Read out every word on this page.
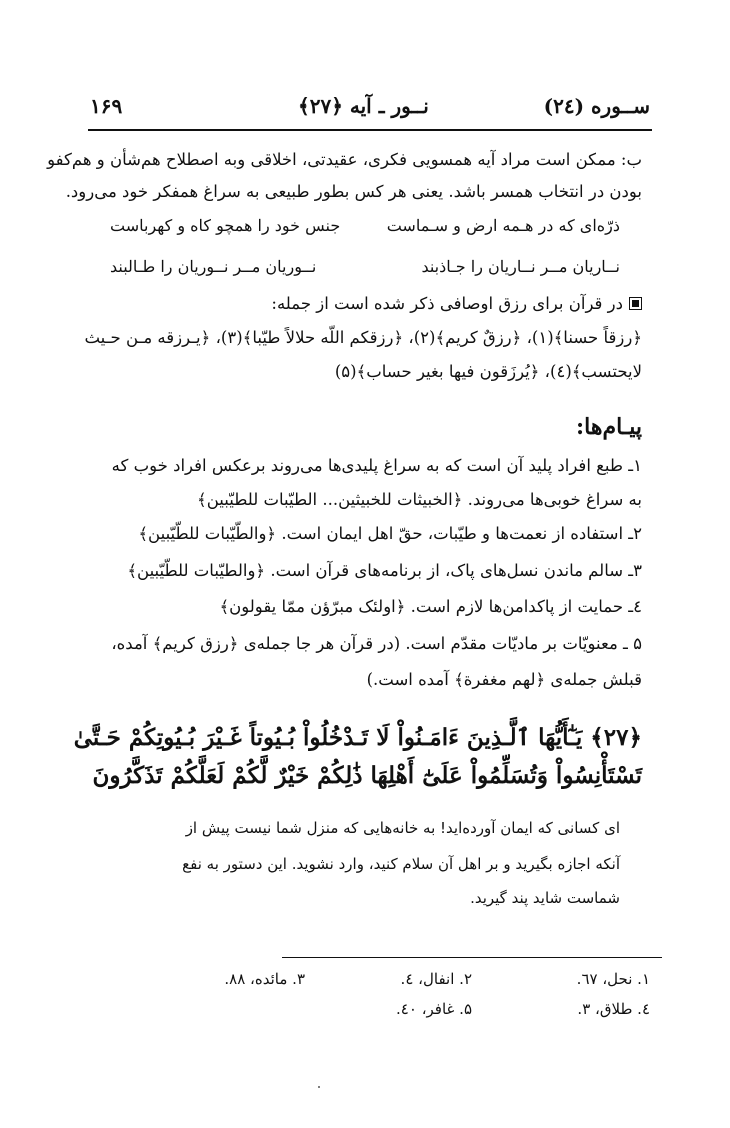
۱۶۹	نــور ـ آیه ﴿۲۷﴾	ســوره (۲٤)
ب: ممکن است مراد آیه همسویی فکری، عقیدتی، اخلاقی وبه اصطلاح هم‌شأن و هم‌کفو
بودن در انتخاب همسر باشد. یعنی هر کس بطور طبیعی به سراغ همفکر خود می‌رود.
ذرّه‌ای که در هـمه ارض و سـماست
جنس خود را همچو کاه و کهرباست
نــاریان مــر نــاریان را جـاذبند
نــوریان مــر نــوریان را طـالبند
در قرآن برای رزق اوصافی ذکر شده است از جمله:
﴿رزقاً حسنا﴾(۱)، ﴿رزقٌ کریم﴾(۲)، ﴿رزقکم اللّه حلالاً طیّبا﴾(۳)، ﴿یـرزقه مـن حـیث
لایحتسب﴾(٤)، ﴿یُرزَقون فیها بغیر حساب﴾(۵)
پیـام‌ها:
۱ـ طبع افراد پلید آن است که به سراغ پلیدی‌ها می‌روند برعکس افراد خوب که
به سراغ خوبی‌ها می‌روند. ﴿الخبیثات للخبیثین... الطیّبات للطیّبین﴾
۲ـ استفاده از نعمت‌ها و طیّبات، حقّ اهل ایمان است. ﴿والطّیّبات للطّیّبین﴾
۳ـ سالم ماندن نسل‌های پاک، از برنامه‌های قرآن است. ﴿والطیّبات للطّیّبین﴾
٤ـ حمایت از پاکدامن‌ها لازم است. ﴿اولئک مبرّؤن ممّا یقولون﴾
۵ ـ معنویّات بر مادیّات مقدّم است. (در قرآن هر جا جمله‌ی ﴿رزق کریم﴾ آمده،
قبلش جمله‌ی ﴿لهم مغفرة﴾ آمده است.)
﴿۲۷﴾ یَـٰٓأَیُّهَا ٱلَّـذِینَ ءَامَـنُواْ لَا تَـدْخُلُواْ بُـیُوتاً غَـیْرَ بُـیُوتِکُمْ حَـتَّىٰ
تَسْتَأْنِسُواْ وَتُسَلِّمُواْ عَلَىٰٓ أَهْلِهَا ذَٰلِکُمْ خَیْرٌ لَّکُمْ لَعَلَّکُمْ تَذَکَّرُونَ
ای کسانی که ایمان آورده‌اید! به خانه‌هایی که منزل شما نیست پیش از
آنکه اجازه بگیرید و بر اهل آن سلام کنید، وارد نشوید. این دستور به نفع
شماست شاید پند گیرید.
۱. نحل، ٦۷.
۲. انفال، ٤.
۳. مائده، ۸۸.
٤. طلاق، ۳.
۵. غافر، ٤۰.
